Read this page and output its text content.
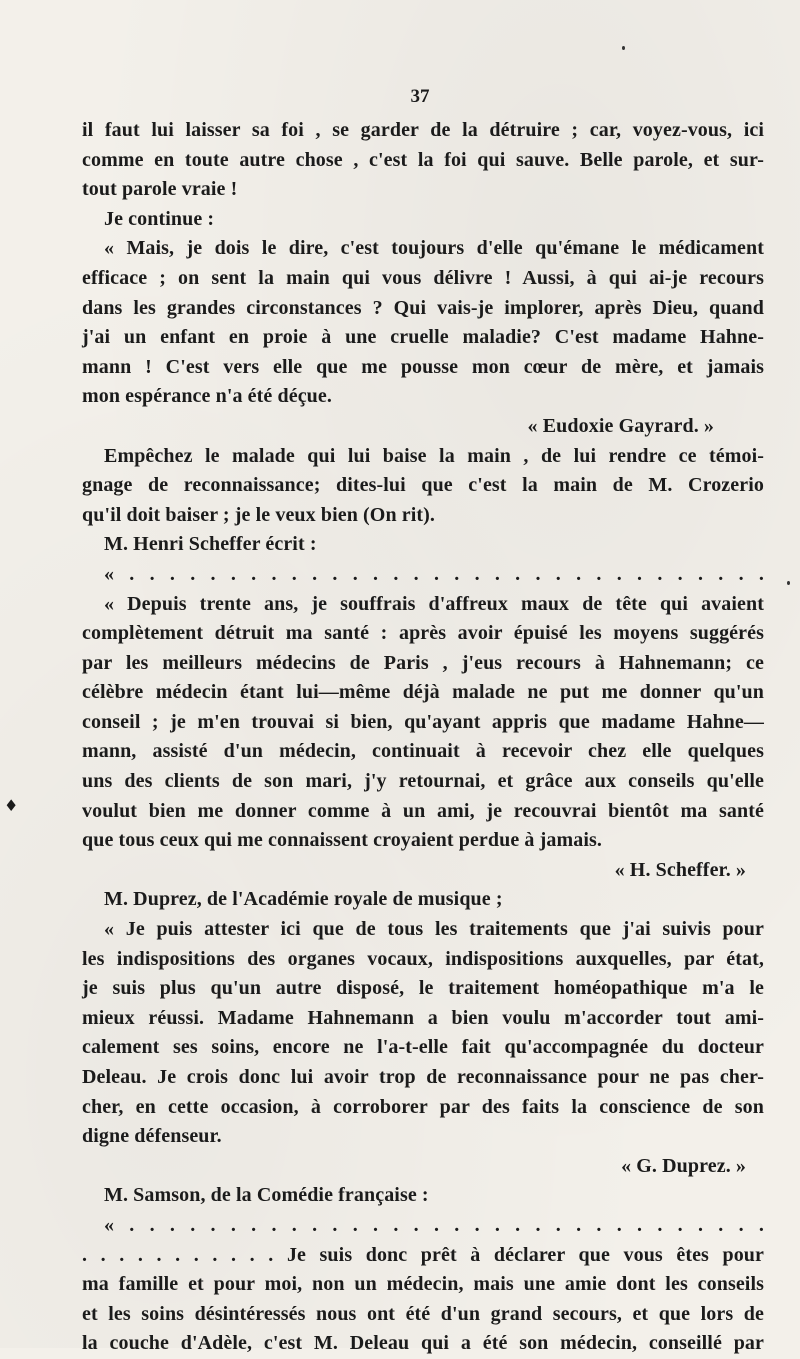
37
♦
il faut lui laisser sa foi , se garder de la détruire ; car, voyez-vous, ici
comme en toute autre chose , c'est la foi qui sauve. Belle parole, et sur-
tout parole vraie !
Je continue :
« Mais, je dois le dire, c'est toujours d'elle qu'émane le médicament
efficace ; on sent la main qui vous délivre ! Aussi, à qui ai-je recours
dans les grandes circonstances ? Qui vais-je implorer, après Dieu, quand
j'ai un enfant en proie à une cruelle maladie? C'est madame Hahne-
mann ! C'est vers elle que me pousse mon cœur de mère, et jamais
mon espérance n'a été déçue.
« Eudoxie Gayrard. »
Empêchez le malade qui lui baise la main , de lui rendre ce témoi-
gnage de reconnaissance; dites-lui que c'est la main de M. Crozerio
qu'il doit baiser ; je le veux bien (On rit).
M. Henri Scheffer écrit :
« . . . . . . . . . . . . . . . . . . . . . . . . . . . . . . . .
« Depuis trente ans, je souffrais d'affreux maux de tête qui avaient
complètement détruit ma santé : après avoir épuisé les moyens suggérés
par les meilleurs médecins de Paris , j'eus recours à Hahnemann; ce
célèbre médecin étant lui—même déjà malade ne put me donner qu'un
conseil ; je m'en trouvai si bien, qu'ayant appris que madame Hahne—
mann, assisté d'un médecin, continuait à recevoir chez elle quelques
uns des clients de son mari, j'y retournai, et grâce aux conseils qu'elle
voulut bien me donner comme à un ami, je recouvrai bientôt ma santé
que tous ceux qui me connaissent croyaient perdue à jamais.
« H. Scheffer. »
M. Duprez, de l'Académie royale de musique ;
« Je puis attester ici que de tous les traitements que j'ai suivis pour
les indispositions des organes vocaux, indispositions auxquelles, par état,
je suis plus qu'un autre disposé, le traitement homéopathique m'a le
mieux réussi. Madame Hahnemann a bien voulu m'accorder tout ami-
calement ses soins, encore ne l'a-t-elle fait qu'accompagnée du docteur
Deleau. Je crois donc lui avoir trop de reconnaissance pour ne pas cher-
cher, en cette occasion, à corroborer par des faits la conscience de son
digne défenseur.
« G. Duprez. »
M. Samson, de la Comédie française :
« . . . . . . . . . . . . . . . . . . . . . . . . . . . . . . . .
. . . . . . . . . . . Je suis donc prêt à déclarer que vous êtes pour
ma famille et pour moi, non un médecin, mais une amie dont les conseils
et les soins désintéressés nous ont été d'un grand secours, et que lors de
la couche d'Adèle, c'est M. Deleau qui a été son médecin, conseillé par
